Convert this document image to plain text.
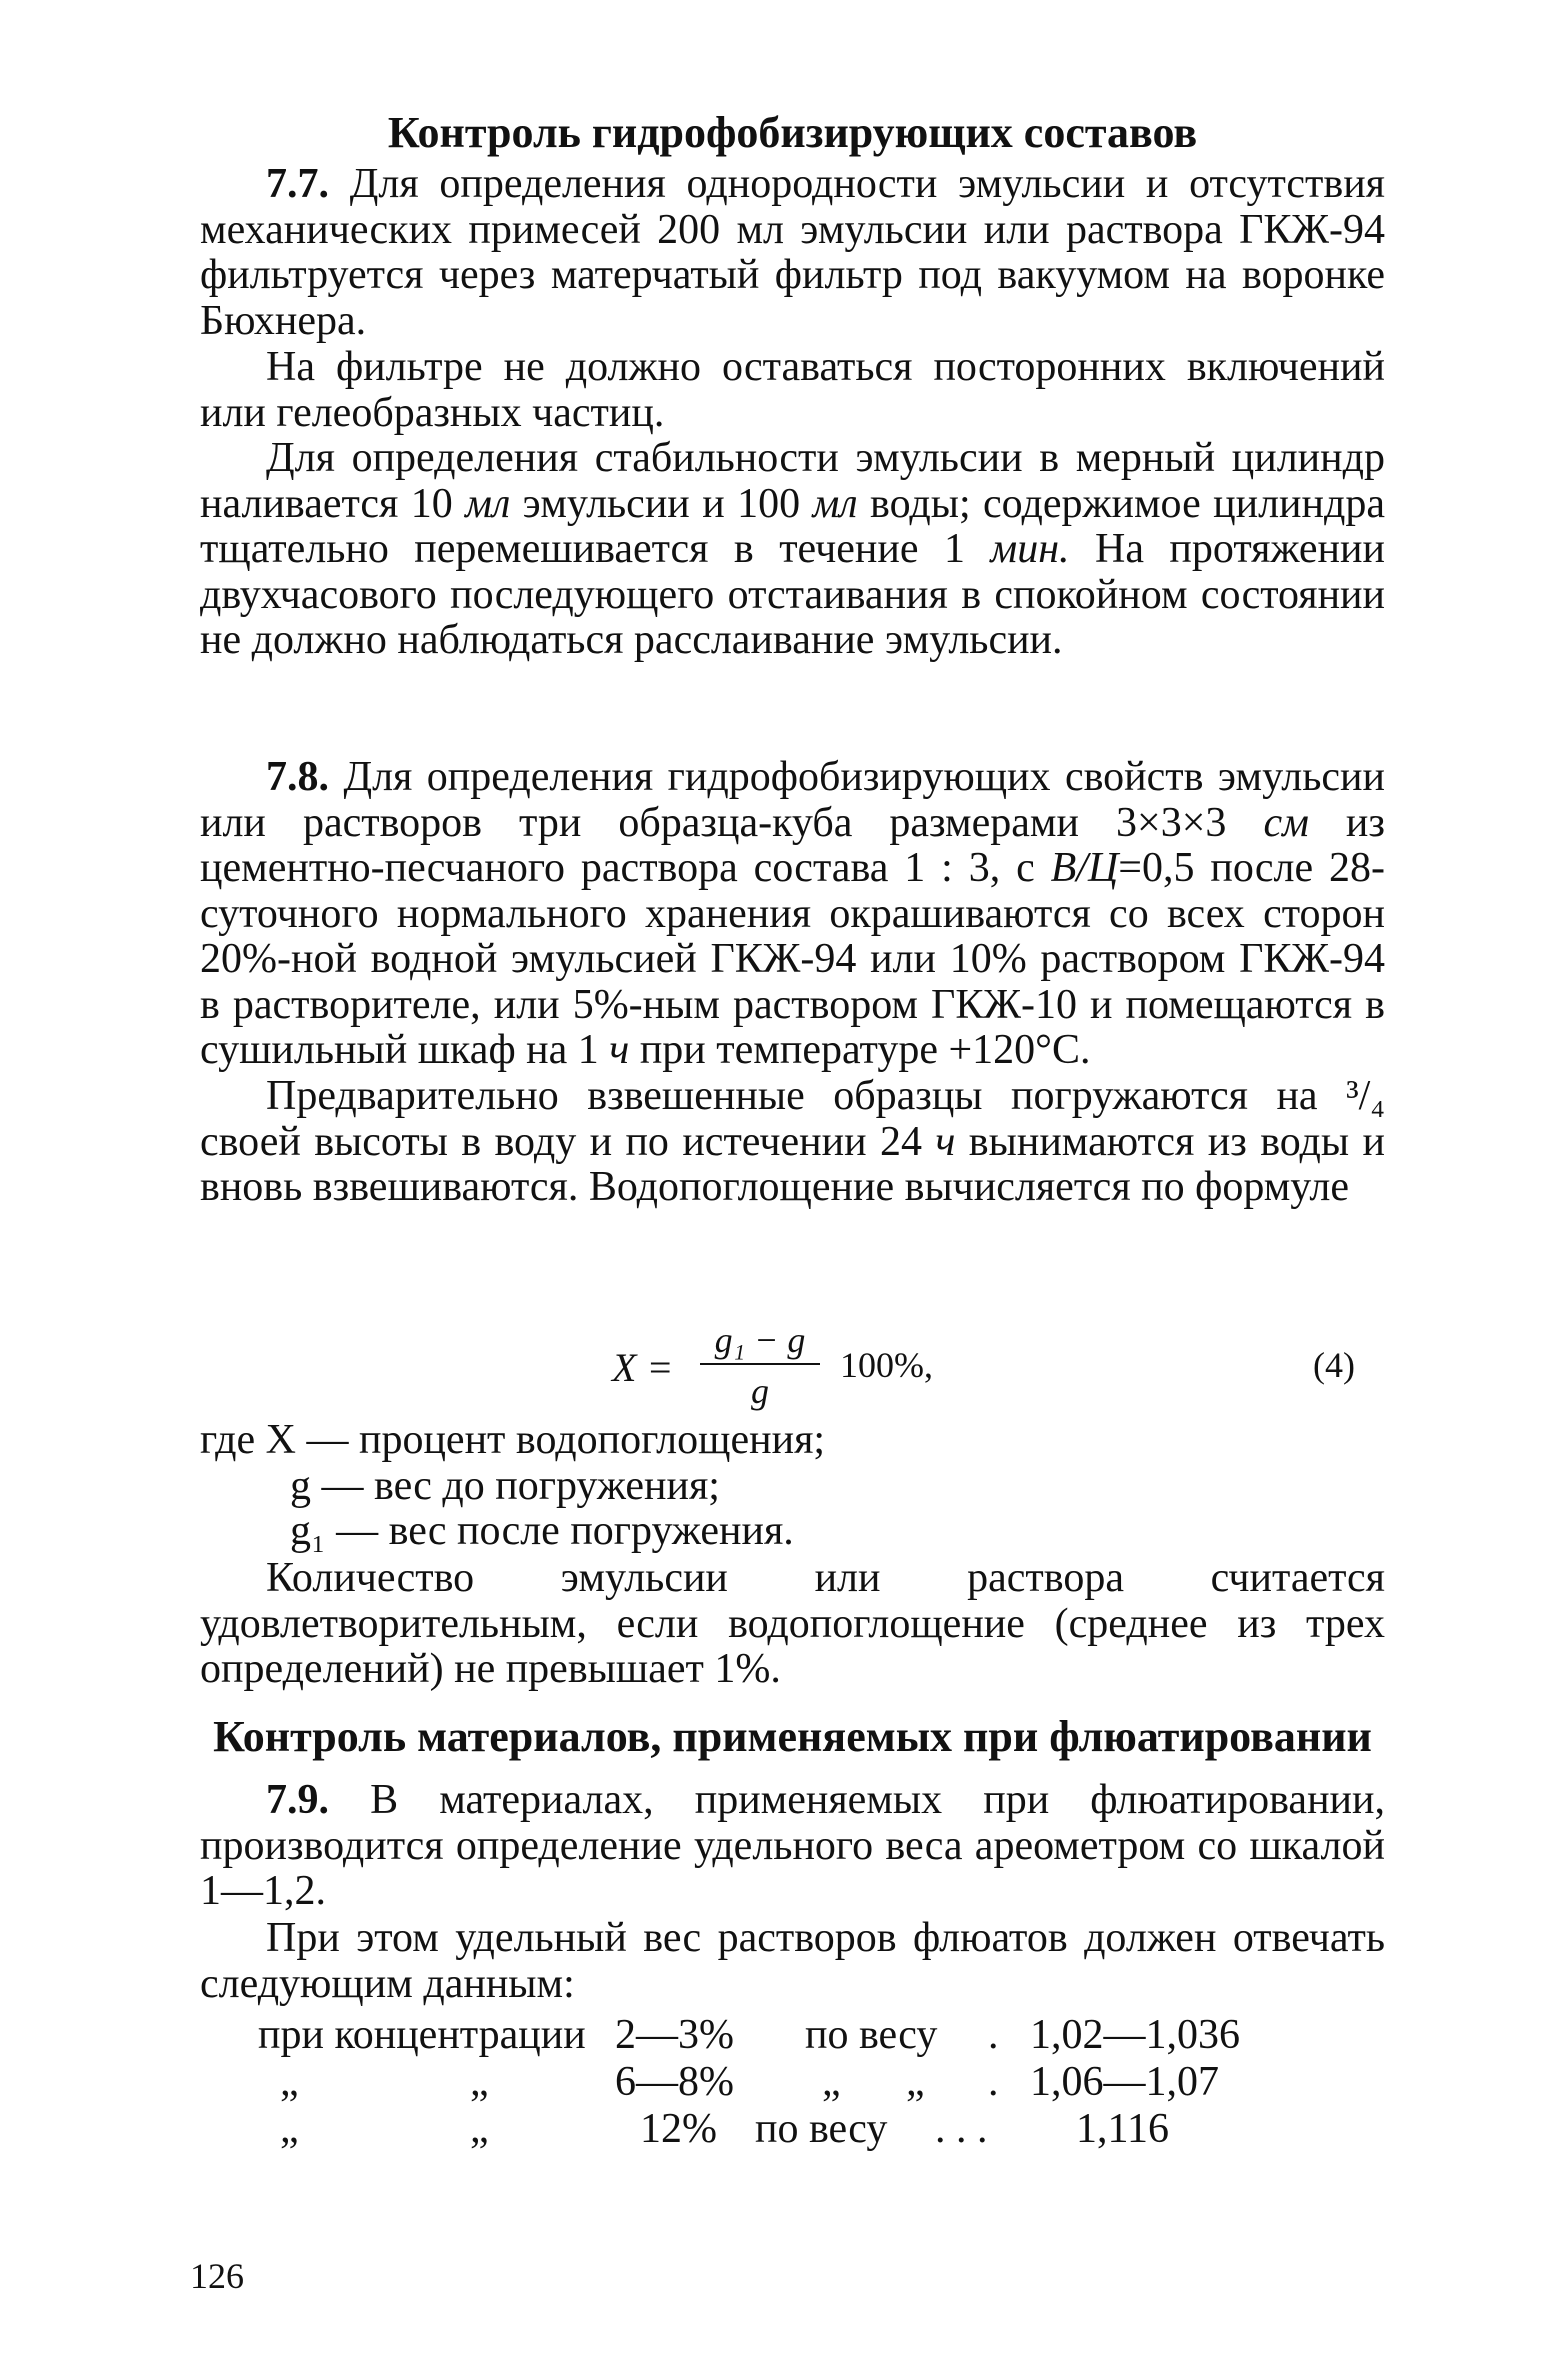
Контроль гидрофобизирующих составов
7.7. Для определения однородности эмульсии и отсутствия механических примесей 200 мл эмульсии или раствора ГКЖ-94 фильтруется через матерчатый фильтр под вакуумом на воронке Бюхнера.
На фильтре не должно оставаться посторонних включений или гелеобразных частиц.
Для определения стабильности эмульсии в мерный цилиндр наливается 10 мл эмульсии и 100 мл воды; содержимое цилиндра тщательно перемешивается в течение 1 мин. На протяжении двухчасового последующего отстаивания в спокойном состоянии не должно наблюдаться расслаивание эмульсии.
7.8. Для определения гидрофобизирующих свойств эмульсии или растворов три образца-куба размерами 3×3×3 см из цементно-песчаного раствора состава 1 : 3, с В/Ц=0,5 после 28-суточного нормального хранения окрашиваются со всех сторон 20%-ной водной эмульсией ГКЖ-94 или 10% раствором ГКЖ-94 в растворителе, или 5%-ным раствором ГКЖ-10 и помещаются в сушильный шкаф на 1 ч при температуре +120°С.
Предварительно взвешенные образцы погружаются на ³/₄ своей высоты в воду и по истечении 24 ч вынимаются из воды и вновь взвешиваются. Водопоглощение вычисляется по формуле
X =
g₁ − g
g
100%,	(4)
где X — процент водопоглощения;
g — вес до погружения;
g₁ — вес после погружения.
Количество эмульсии или раствора считается удовлетворительным, если водопоглощение (среднее из трех определений) не превышает 1%.
Контроль материалов, применяемых при флюатировании
7.9. В материалах, применяемых при флюатировании, производится определение удельного веса ареометром со шкалой 1—1,2.
При этом удельный вес растворов флюатов должен отвечать следующим данным:
при концентрации 2—3% по весу . 1,02—1,036
„	„	6—8% „ „ . 1,06—1,07
„	„	12% по весу . . . 1,116
126
